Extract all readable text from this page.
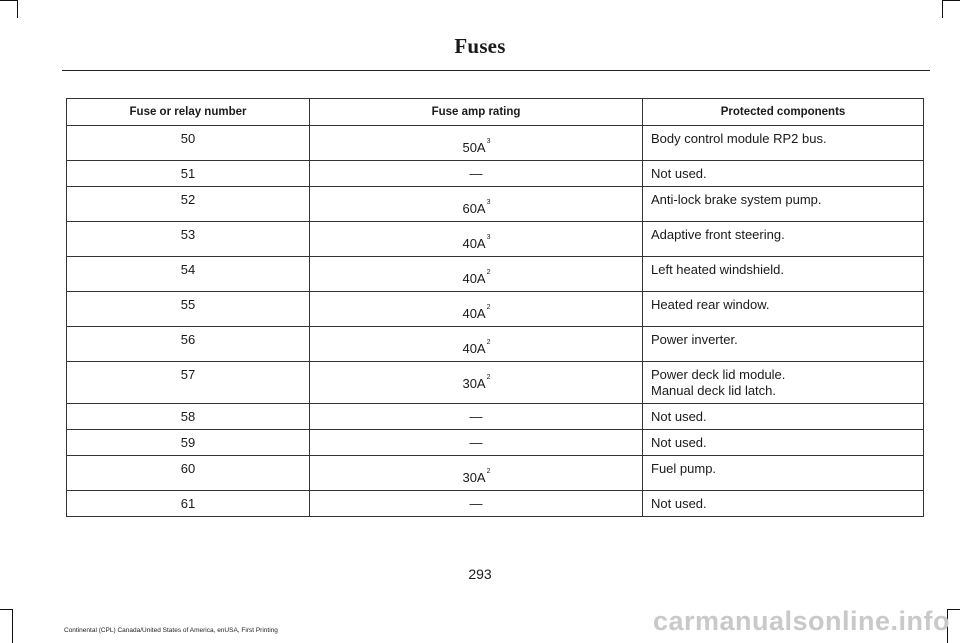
Fuses
Fuse or relay number	Fuse amp rating	Protected components
50	$50A^3$	Body control module RP2 bus.

51	—	Not used.

52	$60A^3$	Anti-lock brake system pump.

53	$40A^3$	Adaptive front steering.

54	$40A^2$	Left heated windshield.

55	$40A^2$	Heated rear window.

56	$40A^2$	Power inverter.

57	$30A^2$	Power deck lid module.
Manual deck lid latch.

58	—	Not used.

59	—	Not used.

60	$30A^2$	Fuel pump.

61	—	Not used.
293
Continental (CPL) Canada/United States of America, enUSA, First Printing	carmanualsonline.info
